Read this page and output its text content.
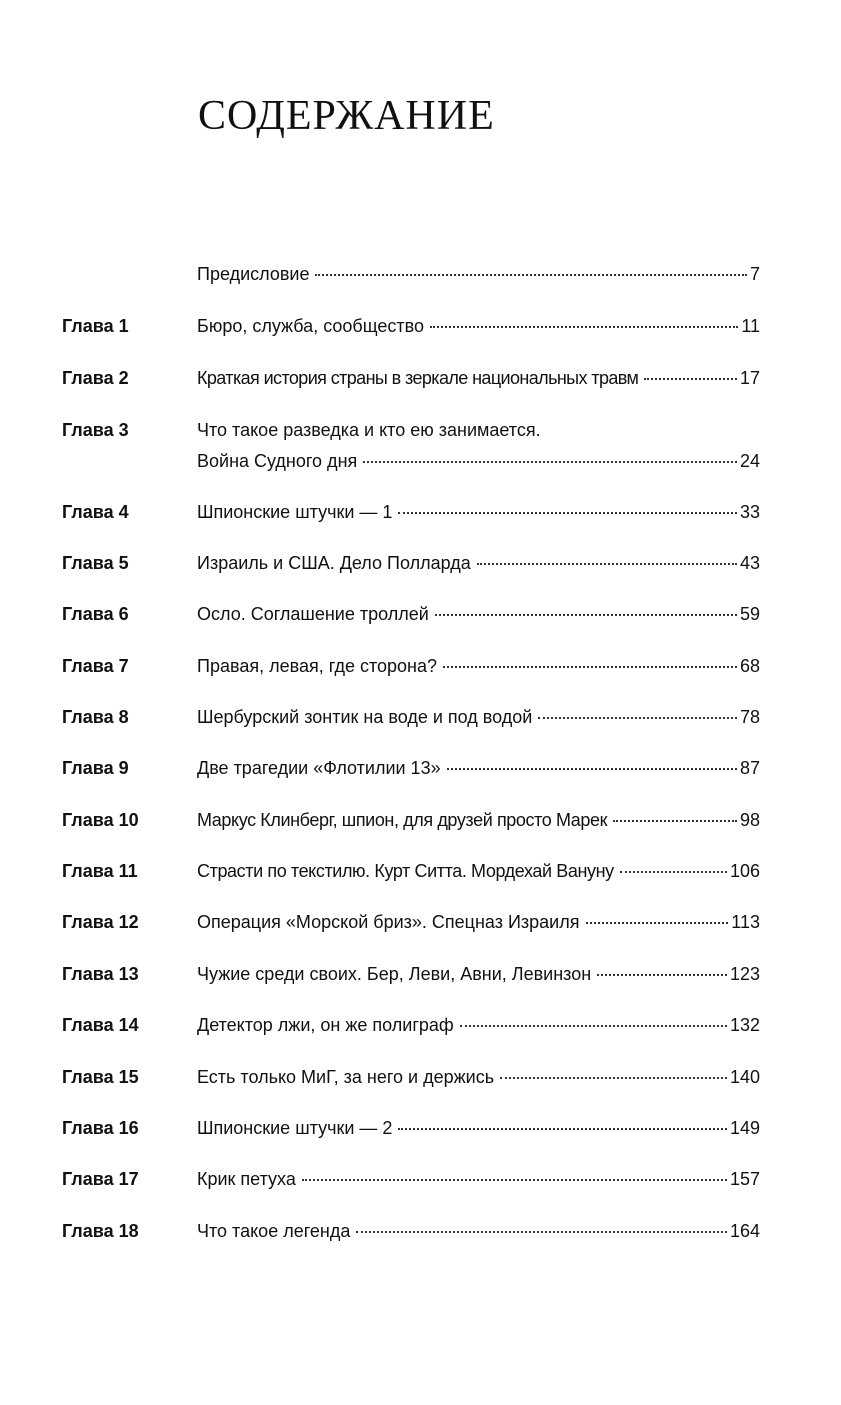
СОДЕРЖАНИЕ
Предисловие	7
Глава 1	Бюро, служба, сообщество	11
Глава 2	Краткая история страны в зеркале национальных травм	17
Глава 3	Что такое разведка и кто ею занимается.
Война Судного дня	24
Глава 4	Шпионские штучки — 1	33
Глава 5	Израиль и США. Дело Полларда	43
Глава 6	Осло. Соглашение троллей	59
Глава 7	Правая, левая, где сторона?	68
Глава 8	Шербурский зонтик на воде и под водой	78
Глава 9	Две трагедии «Флотилии 13»	87
Глава 10	Маркус Клинберг, шпион, для друзей просто Марек	98
Глава 11	Страсти по текстилю. Курт Ситта. Мордехай Вануну	106
Глава 12	Операция «Морской бриз». Спецназ Израиля	113
Глава 13	Чужие среди своих. Бер, Леви, Авни, Левинзон	123
Глава 14	Детектор лжи, он же полиграф	132
Глава 15	Есть только МиГ, за него и держись	140
Глава 16	Шпионские штучки — 2	149
Глава 17	Крик петуха	157
Глава 18	Что такое легенда	164
